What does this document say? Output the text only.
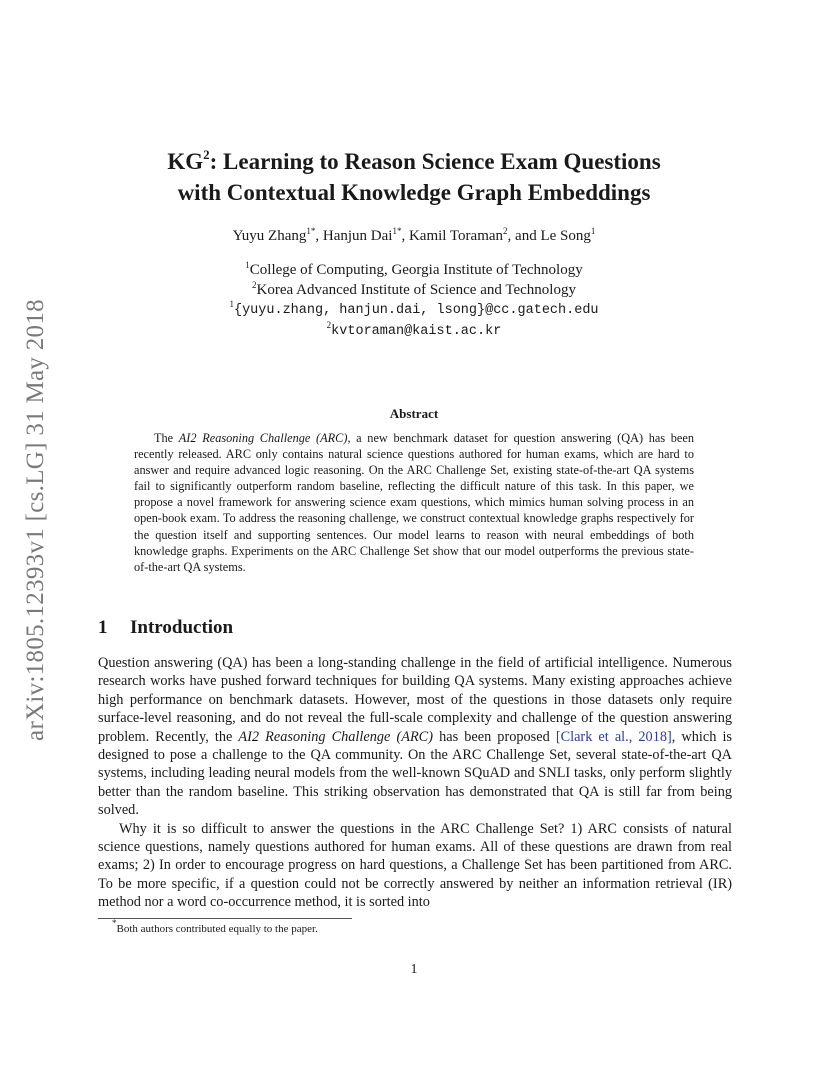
arXiv:1805.12393v1 [cs.LG] 31 May 2018
$KG^2$: Learning to Reason Science Exam Questions
with Contextual Knowledge Graph Embeddings
Yuyu Zhang$^{1*}$, Hanjun Dai$^{1*}$, Kamil Toraman$^2$, and Le Song$^1$
$^1$College of Computing, Georgia Institute of Technology
$^2$Korea Advanced Institute of Science and Technology
$^1${yuyu.zhang, hanjun.dai, lsong}@cc.gatech.edu
$^2$kvtoraman@kaist.ac.kr
Abstract
The AI2 Reasoning Challenge (ARC), a new benchmark dataset for question answering (QA) has been recently released. ARC only contains natural science questions authored for human exams, which are hard to answer and require advanced logic reasoning. On the ARC Challenge Set, existing state-of-the-art QA systems fail to significantly outperform random baseline, reflecting the difficult nature of this task. In this paper, we propose a novel framework for answering science exam questions, which mimics human solving process in an open-book exam. To address the reasoning challenge, we construct contextual knowledge graphs respectively for the question itself and supporting sentences. Our model learns to reason with neural embeddings of both knowledge graphs. Experiments on the ARC Challenge Set show that our model outperforms the previous state-of-the-art QA systems.
1 Introduction

Question answering (QA) has been a long-standing challenge in the field of artificial intelligence. Numerous research works have pushed forward techniques for building QA systems. Many existing approaches achieve high performance on benchmark datasets. However, most of the questions in those datasets only require surface-level reasoning, and do not reveal the full-scale complexity and challenge of the question answering problem. Recently, the AI2 Reasoning Challenge (ARC) has been proposed [Clark et al., 2018], which is designed to pose a challenge to the QA community. On the ARC Challenge Set, several state-of-the-art QA systems, including leading neural models from the well-known SQuAD and SNLI tasks, only perform slightly better than the random baseline. This striking observation has demonstrated that QA is still far from being solved.

Why it is so difficult to answer the questions in the ARC Challenge Set? 1) ARC consists of natural science questions, namely questions authored for human exams. All of these questions are drawn from real exams; 2) In order to encourage progress on hard questions, a Challenge Set has been partitioned from ARC. To be more specific, if a question could not be correctly answered by neither an information retrieval (IR) method nor a word co-occurrence method, it is sorted into

*Both authors contributed equally to the paper.
1
